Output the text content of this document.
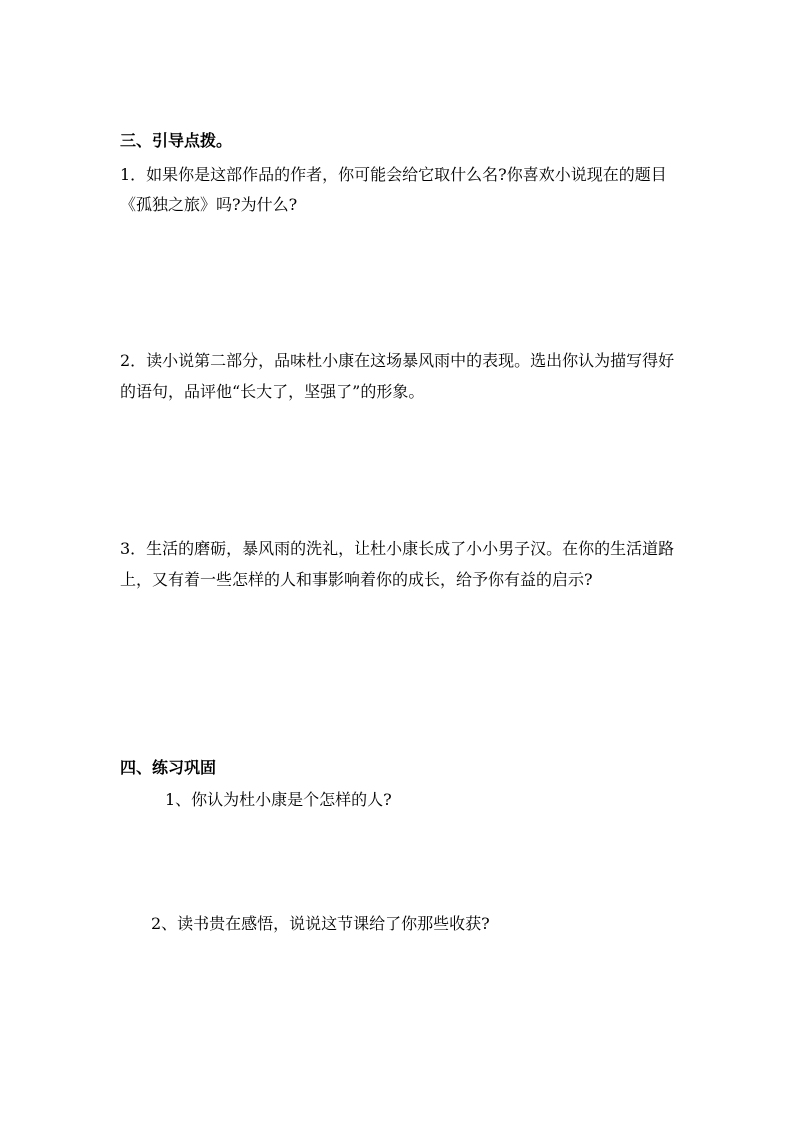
三、引导点拨。
1．如果你是这部作品的作者，你可能会给它取什么名?你喜欢小说现在的题目
《孤独之旅》吗?为什么?
2．读小说第二部分，品味杜小康在这场暴风雨中的表现。选出你认为描写得好
的语句，品评他“长大了，坚强了”的形象。
3．生活的磨砺，暴风雨的洗礼，让杜小康长成了小小男子汉。在你的生活道路
上，又有着一些怎样的人和事影响着你的成长，给予你有益的启示?
四、练习巩固
1、你认为杜小康是个怎样的人?
2、读书贵在感悟，说说这节课给了你那些收获?
